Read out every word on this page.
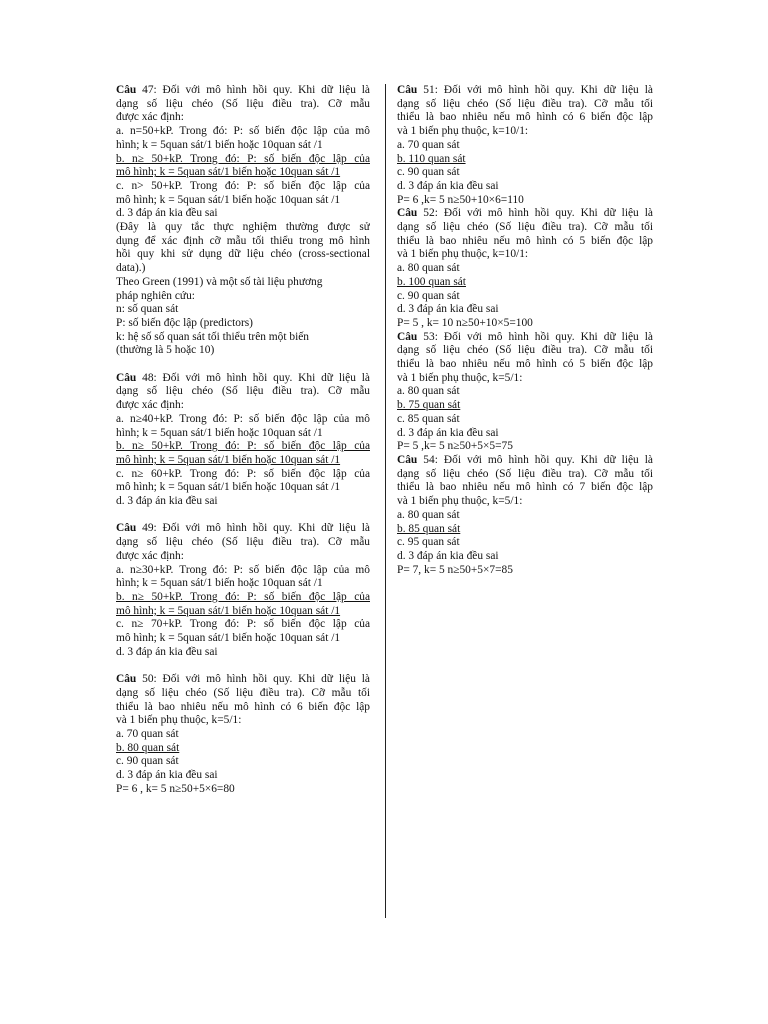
Câu 47: Đối với mô hình hồi quy. Khi dữ liệu là
dạng số liệu chéo (Số liệu điều tra). Cỡ mẫu
được xác định:
a. n=50+kP. Trong đó: P: số biến độc lập của mô
hình; k = 5quan sát/1 biến hoặc 10quan sát /1
b. n≥ 50+kP. Trong đó: P: số biến độc lập của
mô hình; k = 5quan sát/1 biến hoặc 10quan sát /1
c. n> 50+kP. Trong đó: P: số biến độc lập của
mô hình; k = 5quan sát/1 biến hoặc 10quan sát /1
d. 3 đáp án kia đều sai
(Đây là quy tắc thực nghiệm thường được sử
dụng để xác định cỡ mẫu tối thiểu trong mô hình
hồi quy khi sử dụng dữ liệu chéo (cross-sectional
data).)
Theo Green (1991) và một số tài liệu phương
pháp nghiên cứu:
n: số quan sát
P: số biến độc lập (predictors)
k: hệ số số quan sát tối thiểu trên một biến
(thường là 5 hoặc 10)
Câu 48: Đối với mô hình hồi quy. Khi dữ liệu là
dạng số liệu chéo (Số liệu điều tra). Cỡ mẫu
được xác định:
a. n≥40+kP. Trong đó: P: số biến độc lập của mô
hình; k = 5quan sát/1 biến hoặc 10quan sát /1
b. n≥ 50+kP. Trong đó: P: số biến độc lập của
mô hình; k = 5quan sát/1 biến hoặc 10quan sát /1
c. n≥ 60+kP. Trong đó: P: số biến độc lập của
mô hình; k = 5quan sát/1 biến hoặc 10quan sát /1
d. 3 đáp án kia đều sai
Câu 49: Đối với mô hình hồi quy. Khi dữ liệu là
dạng số liệu chéo (Số liệu điều tra). Cỡ mẫu
được xác định:
a. n≥30+kP. Trong đó: P: số biến độc lập của mô
hình; k = 5quan sát/1 biến hoặc 10quan sát /1
b. n≥ 50+kP. Trong đó: P: số biến độc lập của
mô hình; k = 5quan sát/1 biến hoặc 10quan sát /1
c. n≥ 70+kP. Trong đó: P: số biến độc lập của
mô hình; k = 5quan sát/1 biến hoặc 10quan sát /1
d. 3 đáp án kia đều sai
Câu 50: Đối với mô hình hồi quy. Khi dữ liệu là
dạng số liệu chéo (Số liệu điều tra). Cỡ mẫu tối
thiểu là bao nhiêu nếu mô hình có 6 biến độc lập
và 1 biến phụ thuộc, k=5/1:
a. 70 quan sát
b. 80 quan sát
c. 90 quan sát
d. 3 đáp án kia đều sai
P= 6 , k= 5 n≥50+5×6=80
Câu 51: Đối với mô hình hồi quy. Khi dữ liệu là
dạng số liệu chéo (Số liệu điều tra). Cỡ mẫu tối
thiểu là bao nhiêu nếu mô hình có 6 biến độc lập
và 1 biến phụ thuộc, k=10/1:
a. 70 quan sát
b. 110 quan sát
c. 90 quan sát
d. 3 đáp án kia đều sai
P= 6 ,k= 5 n≥50+10×6=110
Câu 52: Đối với mô hình hồi quy. Khi dữ liệu là
dạng số liệu chéo (Số liệu điều tra). Cỡ mẫu tối
thiểu là bao nhiêu nếu mô hình có 5 biến độc lập
và 1 biến phụ thuộc, k=10/1:
a. 80 quan sát
b. 100 quan sát
c. 90 quan sát
d. 3 đáp án kia đều sai
P= 5 , k= 10 n≥50+10×5=100
Câu 53: Đối với mô hình hồi quy. Khi dữ liệu là
dạng số liệu chéo (Số liệu điều tra). Cỡ mẫu tối
thiểu là bao nhiêu nếu mô hình có 5 biến độc lập
và 1 biến phụ thuộc, k=5/1:
a. 80 quan sát
b. 75 quan sát
c. 85 quan sát
d. 3 đáp án kia đều sai
P= 5 ,k= 5 n≥50+5×5=75
Câu 54: Đối với mô hình hồi quy. Khi dữ liệu là
dạng số liệu chéo (Số liệu điều tra). Cỡ mẫu tối
thiểu là bao nhiêu nếu mô hình có 7 biến độc lập
và 1 biến phụ thuộc, k=5/1:
a. 80 quan sát
b. 85 quan sát
c. 95 quan sát
d. 3 đáp án kia đều sai
P= 7, k= 5 n≥50+5×7=85
